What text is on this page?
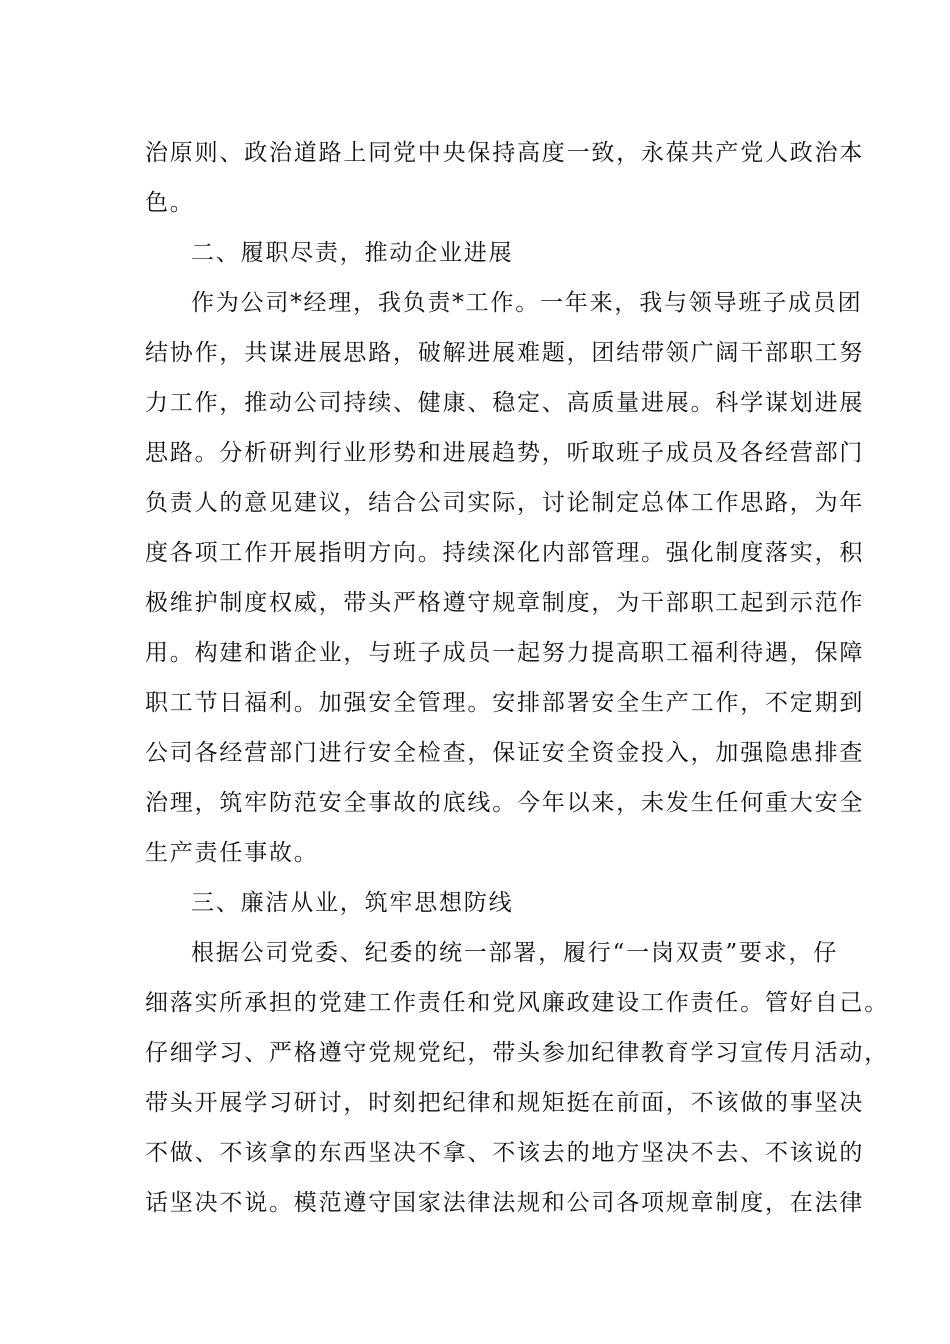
治原则、政治道路上同党中央保持高度一致，永葆共产党人政治本
色。
二、履职尽责，推动企业进展
作为公司*经理，我负责*工作。一年来，我与领导班子成员团
结协作，共谋进展思路，破解进展难题，团结带领广阔干部职工努
力工作，推动公司持续、健康、稳定、高质量进展。科学谋划进展
思路。分析研判行业形势和进展趋势，听取班子成员及各经营部门
负责人的意见建议，结合公司实际，讨论制定总体工作思路，为年
度各项工作开展指明方向。持续深化内部管理。强化制度落实，积
极维护制度权威，带头严格遵守规章制度，为干部职工起到示范作
用。构建和谐企业，与班子成员一起努力提高职工福利待遇，保障
职工节日福利。加强安全管理。安排部署安全生产工作，不定期到
公司各经营部门进行安全检查，保证安全资金投入，加强隐患排查
治理，筑牢防范安全事故的底线。今年以来，未发生任何重大安全
生产责任事故。
三、廉洁从业，筑牢思想防线
根据公司党委、纪委的统一部署，履行“一岗双责”要求，仔
细落实所承担的党建工作责任和党风廉政建设工作责任。管好自己。
仔细学习、严格遵守党规党纪，带头参加纪律教育学习宣传月活动，
带头开展学习研讨，时刻把纪律和规矩挺在前面，不该做的事坚决
不做、不该拿的东西坚决不拿、不该去的地方坚决不去、不该说的
话坚决不说。模范遵守国家法律法规和公司各项规章制度，在法律
